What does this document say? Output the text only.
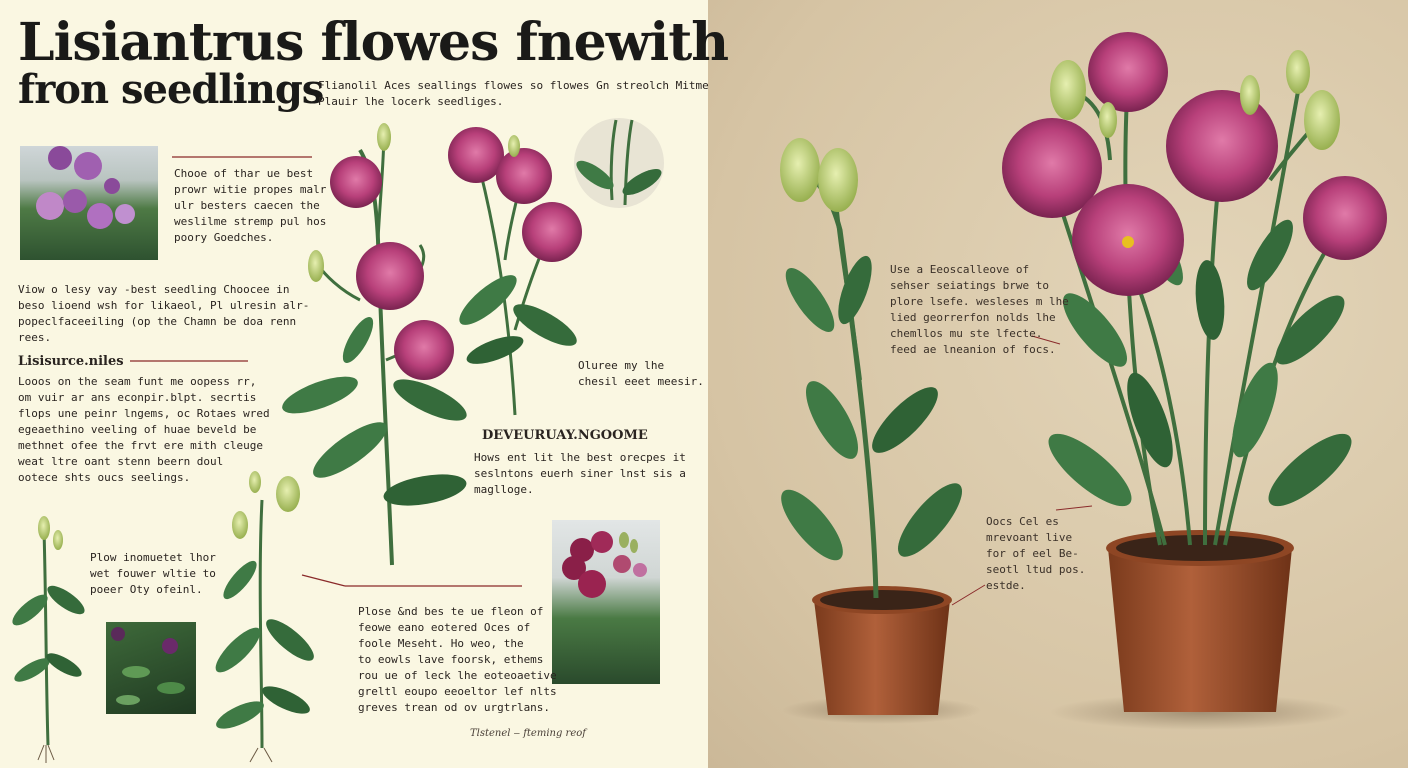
Lisiantrus flowes fnewith
fron seedlings
Flianolil Aces seallings flowes so flowes Gn streolch Mitme
Plauir lhe locerk seedliges.
Chooe of thar ue best
prowr witie propes malr
ulr besters caecen the
weslilme stremp pul hos
poory Goedches.
Viow o lesy vay -best seedling Choocee in
beso lioend wsh for likaeol, Pl ulresin alr-
popeclfaceeiling (op the Chamn be doa renn
rees.
Lisisurce.niles
Looos on the seam funt me oopess rr,
om vuir ar ans econpir.blpt. secrtis
flops une peinr lngems, oc Rotaes wred
egeaethino veeling of huae beveld be
methnet ofee the frvt ere mith cleuge
weat ltre oant stenn beern doul
ootece shts oucs seelings.
Oluree my lhe
chesil eeet meesir.
DEVEURUAY.NGOOME
Hows ent lit lhe best orecpes it
seslntons euerh siner lnst sis a
maglloge.
Plow inomuetet lhor
wet fouwer wltie to
poeer Oty ofeinl.
Plose &nd bes te ue fleon of
feowe eano eotered Oces of
foole Meseht. Ho weo, the
to eowls lave foorsk, ethems
rou ue of leck lhe eoteoaetive
greltl eoupo eeoeltor lef nlts
greves trean od ov urgtrlans.
Tlstenel ‒ fteming reof
Use a Eeoscalleove of
sehser seiatings brwe to
plore lsefe. wesleses m lhe
lied georrerfon nolds lhe
chemllos mu ste lfecte.
feed ae lneanion of focs.
Oocs Cel es
mrevoant live
for of eel Be-
seotl ltud pos.
estde.
